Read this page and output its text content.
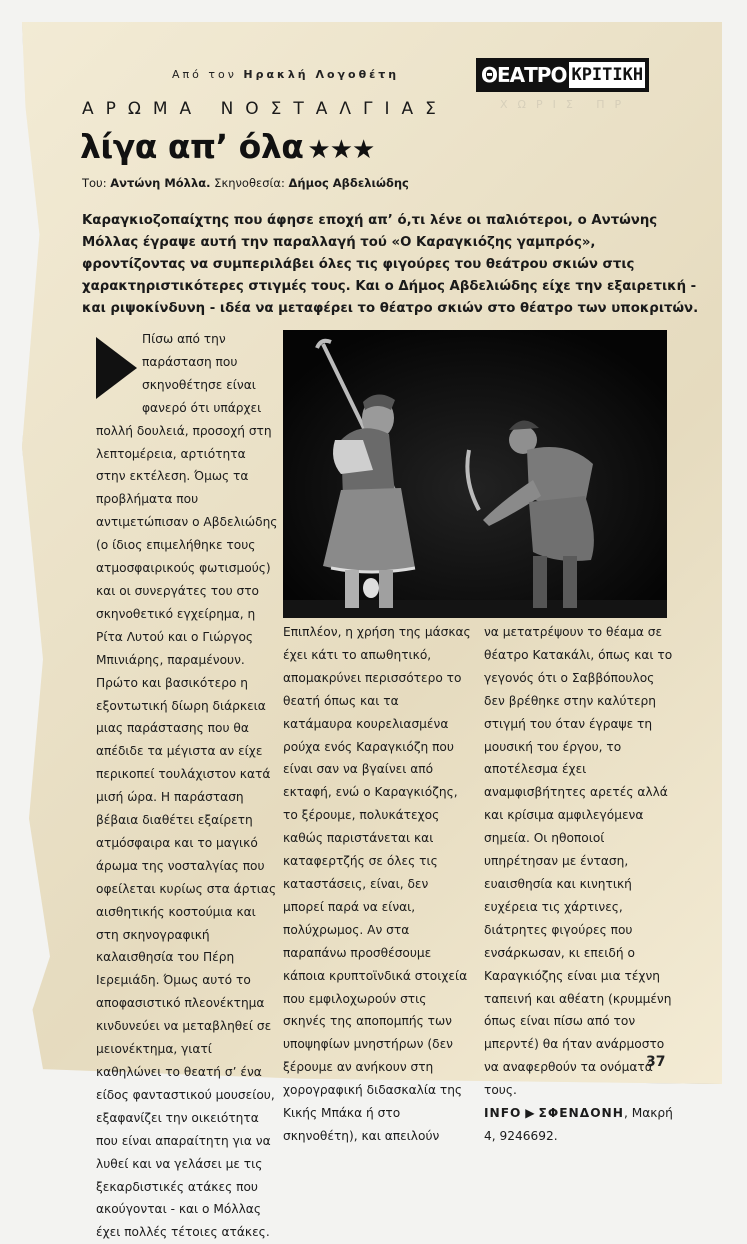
ΧΩΡΙΣ ΠΡ
Από τον Ηρακλή Λογοθέτη	ΘΕΑΤΡΟ ΚΡΙΤΙΚΗ
ΑΡΩΜΑ ΝΟΣΤΑΛΓΙΑΣ
λίγα απ’ όλα ★★★
Του: Αντώνη Μόλλα. Σκηνοθεσία: Δήμος Αβδελιώδης
Καραγκιοζοπαίχτης που άφησε εποχή απ’ ό,τι λένε οι παλιότεροι, ο Αντώνης Μόλλας έγραψε αυτή την παραλλαγή τού «Ο Καραγκιόζης γαμπρός», φροντίζοντας να συμπεριλάβει όλες τις φιγούρες του θεάτρου σκιών στις χαρακτηριστικότερες στιγμές τους. Και ο Δήμος Αβδελιώδης είχε την εξαιρετική - και ριψοκίνδυνη - ιδέα να μεταφέρει το θέατρο σκιών στο θέατρο των υποκριτών.
Πίσω από την παράσταση που σκηνοθέτησε είναι φανερό ότι υπάρχει πολλή δουλειά, προσοχή στη λεπτομέρεια, αρτιότητα στην εκτέλεση. Όμως τα προβλήματα που αντιμετώπισαν ο Αβδελιώδης (ο ίδιος επιμελήθηκε τους ατμοσφαιρικούς φωτισμούς) και οι συνεργάτες του στο σκηνοθετικό εγχείρημα, η Ρίτα Λυτού και ο Γιώργος Μπινιάρης, παραμένουν. Πρώτο και βασικότερο η εξοντωτική δίωρη διάρκεια μιας παράστασης που θα απέδιδε τα μέγιστα αν είχε περικοπεί τουλάχιστον κατά μισή ώρα. Η παράσταση βέβαια διαθέτει εξαίρετη ατμόσφαιρα και το μαγικό άρωμα της νοσταλγίας που οφείλεται κυρίως στα άρτιας αισθητικής κοστούμια και στη σκηνογραφική καλαισθησία του Πέρη Ιερεμιάδη. Όμως αυτό το αποφασιστικό πλεονέκτημα κινδυνεύει να μεταβληθεί σε μειονέκτημα, γιατί καθηλώνει το θεατή σ’ ένα είδος φανταστικού μουσείου, εξαφανίζει την οικειότητα που είναι απαραίτητη για να λυθεί και να γελάσει με τις ξεκαρδιστικές ατάκες που ακούγονται - και ο Μόλλας έχει πολλές τέτοιες ατάκες.
Επιπλέον, η χρήση της μάσκας έχει κάτι το απωθητικό, απομακρύνει περισσότερο το θεατή όπως και τα κατάμαυρα κουρελιασμένα ρούχα ενός Καραγκιόζη που είναι σαν να βγαίνει από εκταφή, ενώ ο Καραγκιόζης, το ξέρουμε, πολυκάτεχος καθώς παριστάνεται και καταφερτζής σε όλες τις καταστάσεις, είναι, δεν μπορεί παρά να είναι, πολύχρωμος. Αν στα παραπάνω προσθέσουμε κάποια κρυπτοϊνδικά στοιχεία που εμφιλοχωρούν στις σκηνές της αποπομπής των υποψηφίων μνηστήρων (δεν ξέρουμε αν ανήκουν στη χορογραφική διδασκαλία της Κικής Μπάκα ή στο σκηνοθέτη), και απειλούν
να μετατρέψουν το θέαμα σε θέατρο Κατακάλι, όπως και το γεγονός ότι ο Σαββόπουλος δεν βρέθηκε στην καλύτερη στιγμή του όταν έγραψε τη μουσική του έργου, το αποτέλεσμα έχει αναμφισβήτητες αρετές αλλά και κρίσιμα αμφιλεγόμενα σημεία. Οι ηθοποιοί υπηρέτησαν με ένταση, ευαισθησία και κινητική ευχέρεια τις χάρτινες, διάτρητες φιγούρες που ενσάρκωσαν, κι επειδή ο Καραγκιόζης είναι μια τέχνη ταπεινή και αθέατη (κρυμμένη όπως είναι πίσω από τον μπερντέ) θα ήταν ανάρμοστο να αναφερθούν τα ονόματά τους.
INFO ▶ ΣΦΕΝΔΟΝΗ, Μακρή 4, 9246692.
37
